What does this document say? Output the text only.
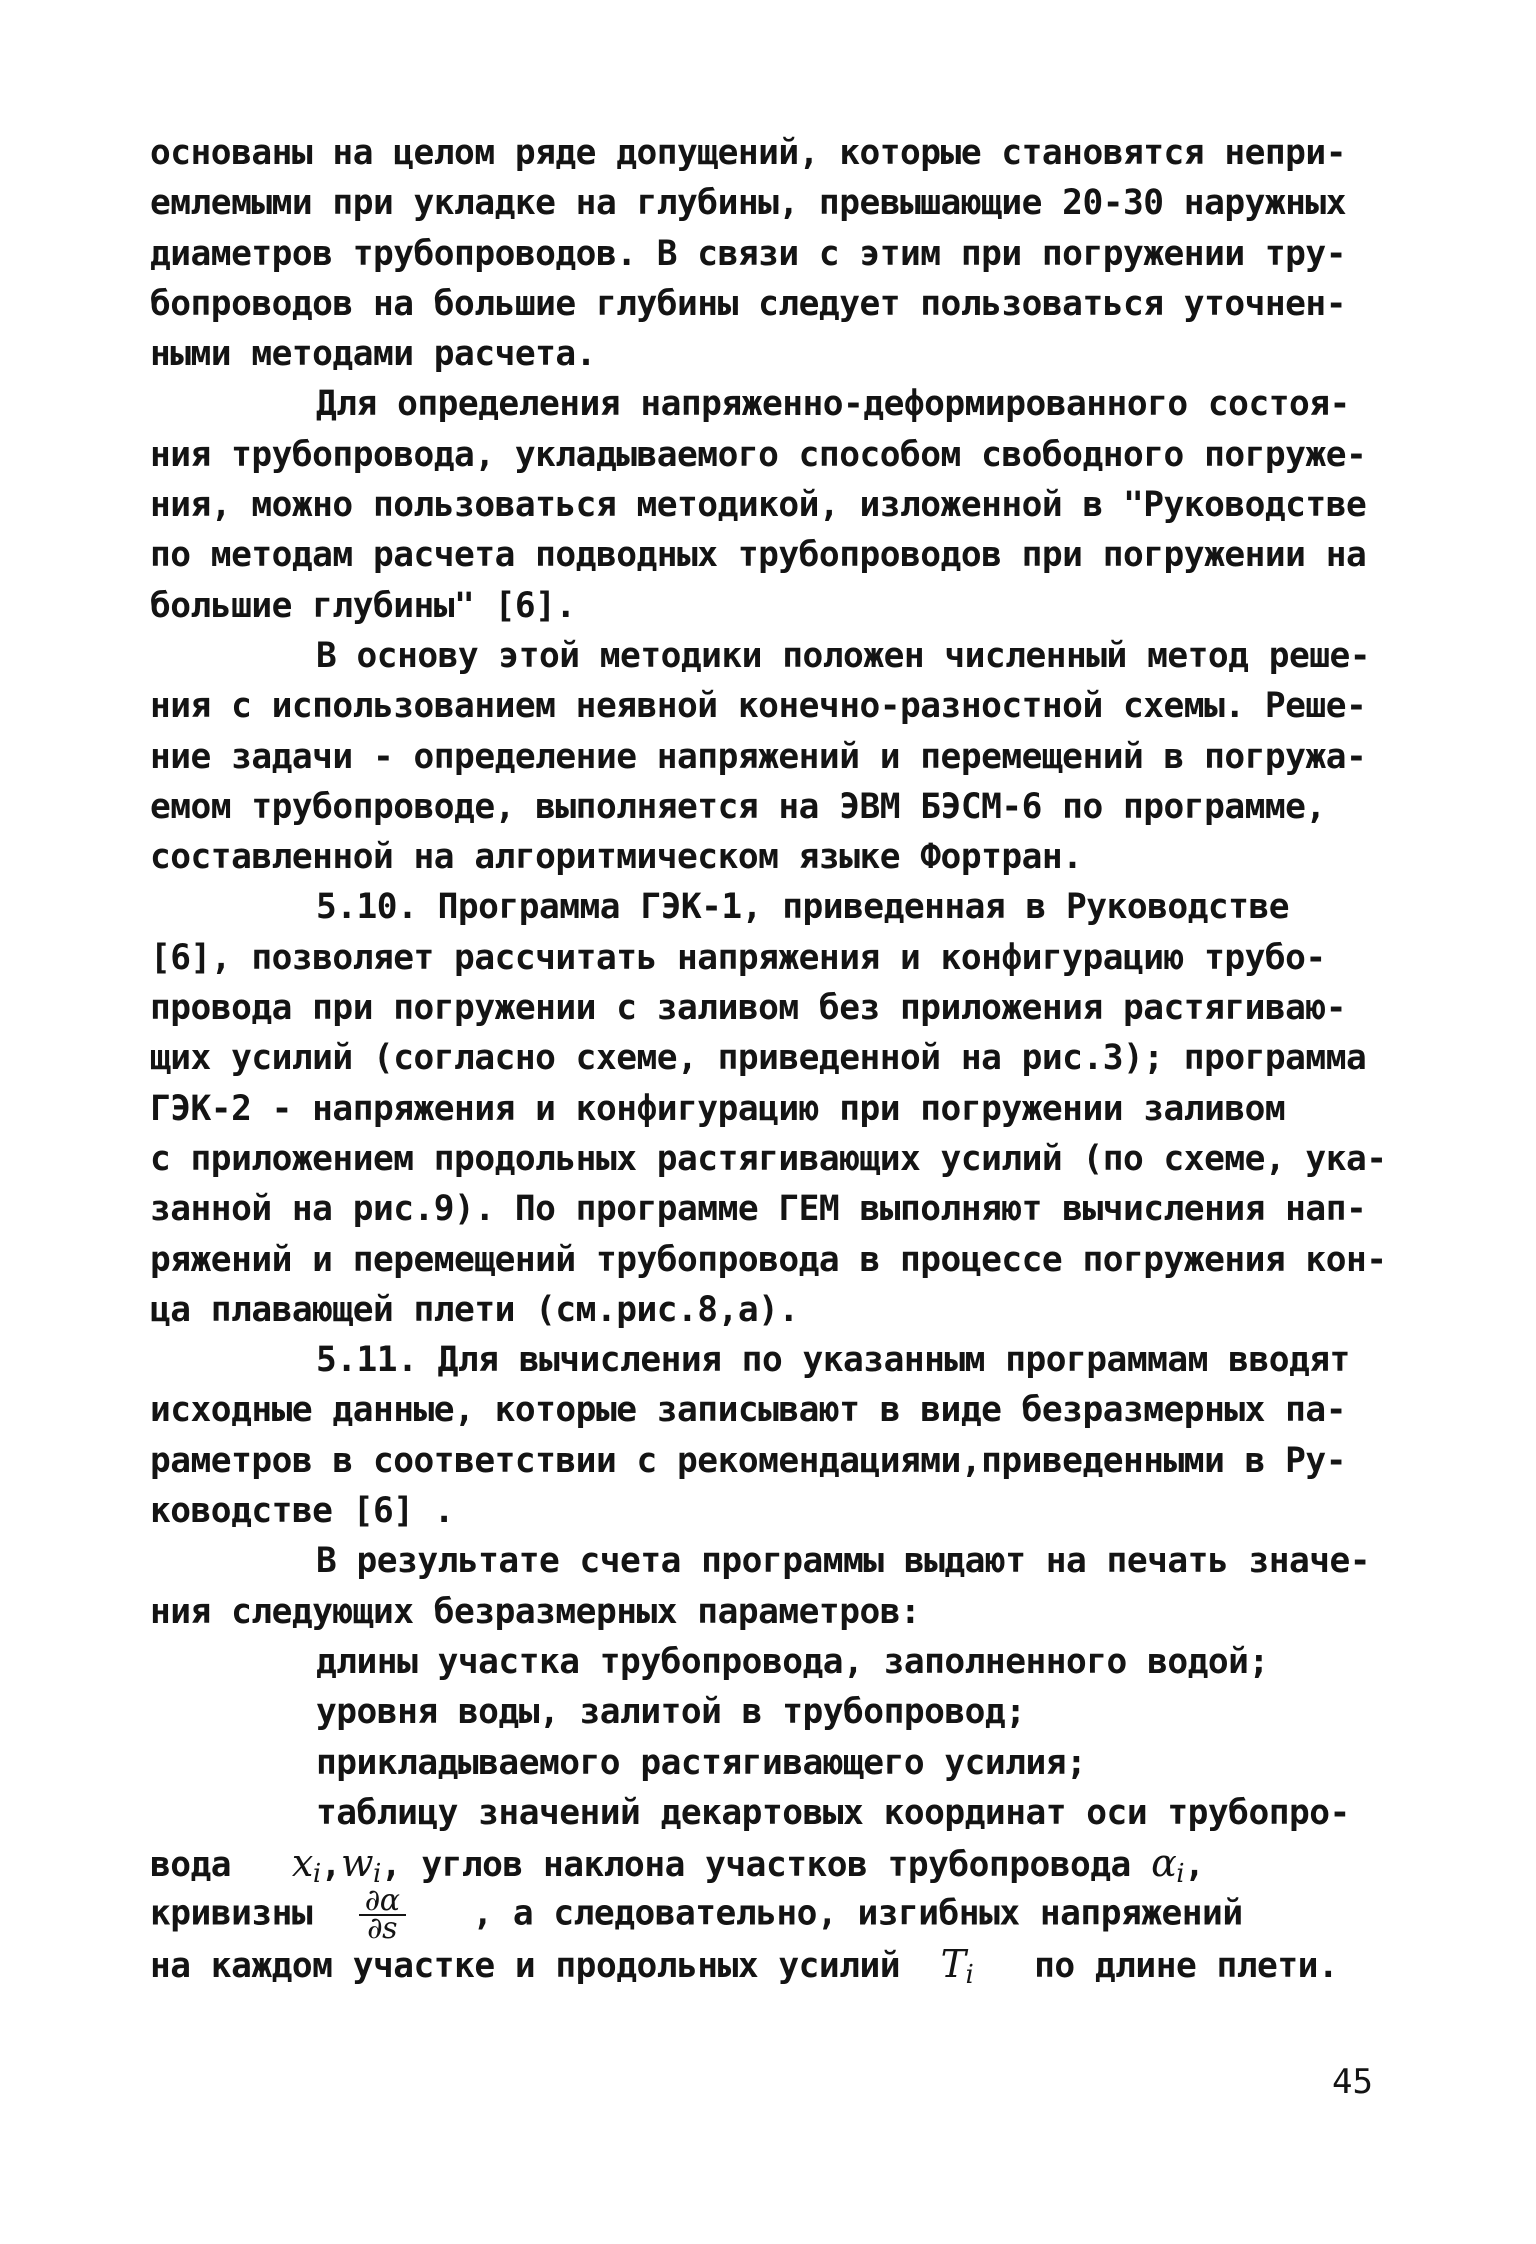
основаны на целом ряде допущений, которые становятся непри-
емлемыми при укладке на глубины, превышающие 20-30 наружных
диаметров трубопроводов. В связи с этим при погружении тру-
бопроводов на большие глубины следует пользоваться уточнен-
ными методами расчета.
Для определения напряженно-деформированного состоя-
ния трубопровода, укладываемого способом свободного погруже-
ния, можно пользоваться методикой, изложенной в "Руководстве
по методам расчета подводных трубопроводов при погружении на
большие глубины" [6].
В основу этой методики положен численный метод реше-
ния с использованием неявной конечно-разностной схемы. Реше-
ние задачи - определение напряжений и перемещений в погружа-
емом трубопроводе, выполняется на ЭВМ БЭСМ-6 по программе,
составленной на алгоритмическом языке Фортран.
5.10. Программа ГЭК-1, приведенная в Руководстве
[6], позволяет рассчитать напряжения и конфигурацию трубо-
провода при погружении с заливом без приложения растягиваю-
щих усилий (согласно схеме, приведенной на рис.3); программа
ГЭК-2 - напряжения и конфигурацию при погружении заливом
с приложением продольных растягивающих усилий (по схеме, ука-
занной на рис.9). По программе ГЕМ выполняют вычисления нап-
ряжений и перемещений трубопровода в процессе погружения кон-
ца плавающей плети (см.рис.8,а).
5.11. Для вычисления по указанным программам вводят
исходные данные, которые записывают в виде безразмерных па-
раметров в соответствии с рекомендациями,приведенными в Ру-
ководстве [6] .
В результате счета программы выдают на печать значе-
ния следующих безразмерных параметров:
длины участка трубопровода, заполненного водой;
уровня воды, залитой в трубопровод;
прикладываемого растягивающего усилия;
таблицу значений декартовых координат оси трубопро-
вода $x_i,w_i$, углов наклона участков трубопровода $\alpha_i$,
кривизны $\frac{\partial\alpha}{\partial s}$ , а следовательно, изгибных напряжений
на каждом участке и продольных усилий $T_i$ по длине плети.
45
